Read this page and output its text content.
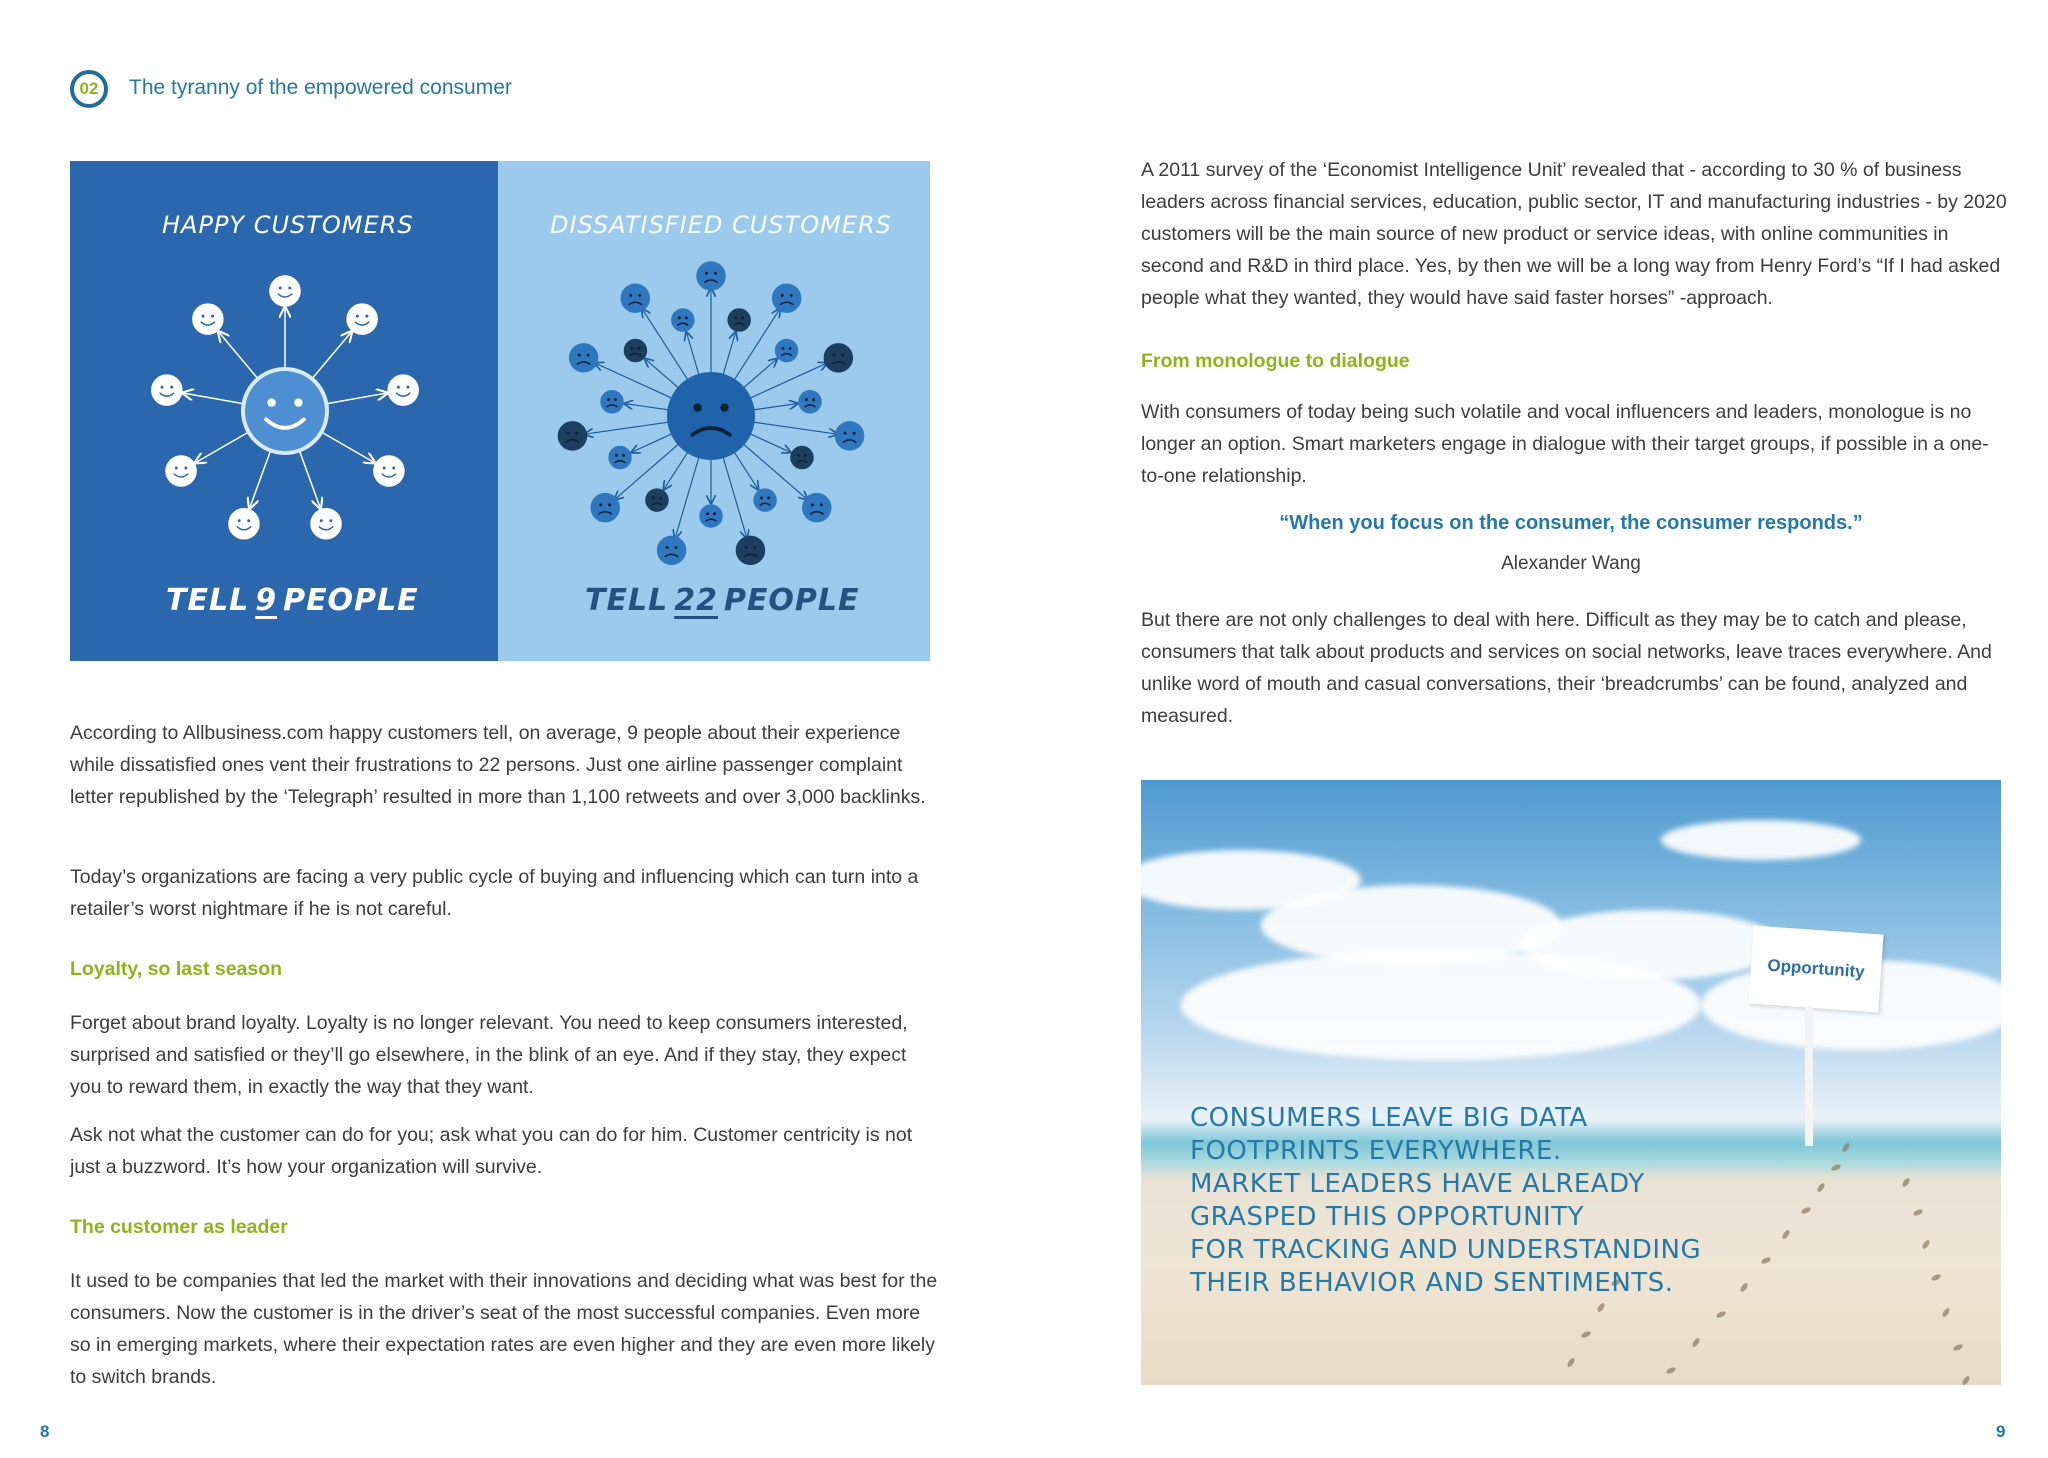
02	The tyranny of the empowered consumer
HAPPY CUSTOMERS	DISSATISFIED CUSTOMERS
TELL 9 PEOPLE	TELL 22 PEOPLE

According to Allbusiness.com happy customers tell, on average, 9 people about their experience while dissatisfied ones vent their frustrations to 22 persons. Just one airline passenger complaint letter republished by the ‘Telegraph’ resulted in more than 1,100 retweets and over 3,000 backlinks.

Today’s organizations are facing a very public cycle of buying and influencing which can turn into a retailer’s worst nightmare if he is not careful.

Loyalty, so last season

Forget about brand loyalty. Loyalty is no longer relevant. You need to keep consumers interested, surprised and satisfied or they’ll go elsewhere, in the blink of an eye. And if they stay, they expect you to reward them, in exactly the way that they want.

Ask not what the customer can do for you; ask what you can do for him. Customer centricity is not just a buzzword. It’s how your organization will survive.

The customer as leader

It used to be companies that led the market with their innovations and deciding what was best for the consumers. Now the customer is in the driver’s seat of the most successful companies. Even more so in emerging markets, where their expectation rates are even higher and they are even more likely to switch brands.

A 2011 survey of the ‘Economist Intelligence Unit’ revealed that - according to 30 % of business leaders across financial services, education, public sector, IT and manufacturing industries - by 2020 customers will be the main source of new product or service ideas, with online communities in second and R&D in third place. Yes, by then we will be a long way from Henry Ford’s “If I had asked people what they wanted, they would have said faster horses” -approach.

From monologue to dialogue

With consumers of today being such volatile and vocal influencers and leaders, monologue is no longer an option. Smart marketers engage in dialogue with their target groups, if possible in a one-to-one relationship.

“When you focus on the consumer, the consumer responds.”
Alexander Wang

But there are not only challenges to deal with here. Difficult as they may be to catch and please, consumers that talk about products and services on social networks, leave traces everywhere. And unlike word of mouth and casual conversations, their ‘breadcrumbs’ can be found, analyzed and measured.

Opportunity
CONSUMERS LEAVE BIG DATA
FOOTPRINTS EVERYWHERE.
MARKET LEADERS HAVE ALREADY
GRASPED THIS OPPORTUNITY
FOR TRACKING AND UNDERSTANDING
THEIR BEHAVIOR AND SENTIMENTS.
8	9
